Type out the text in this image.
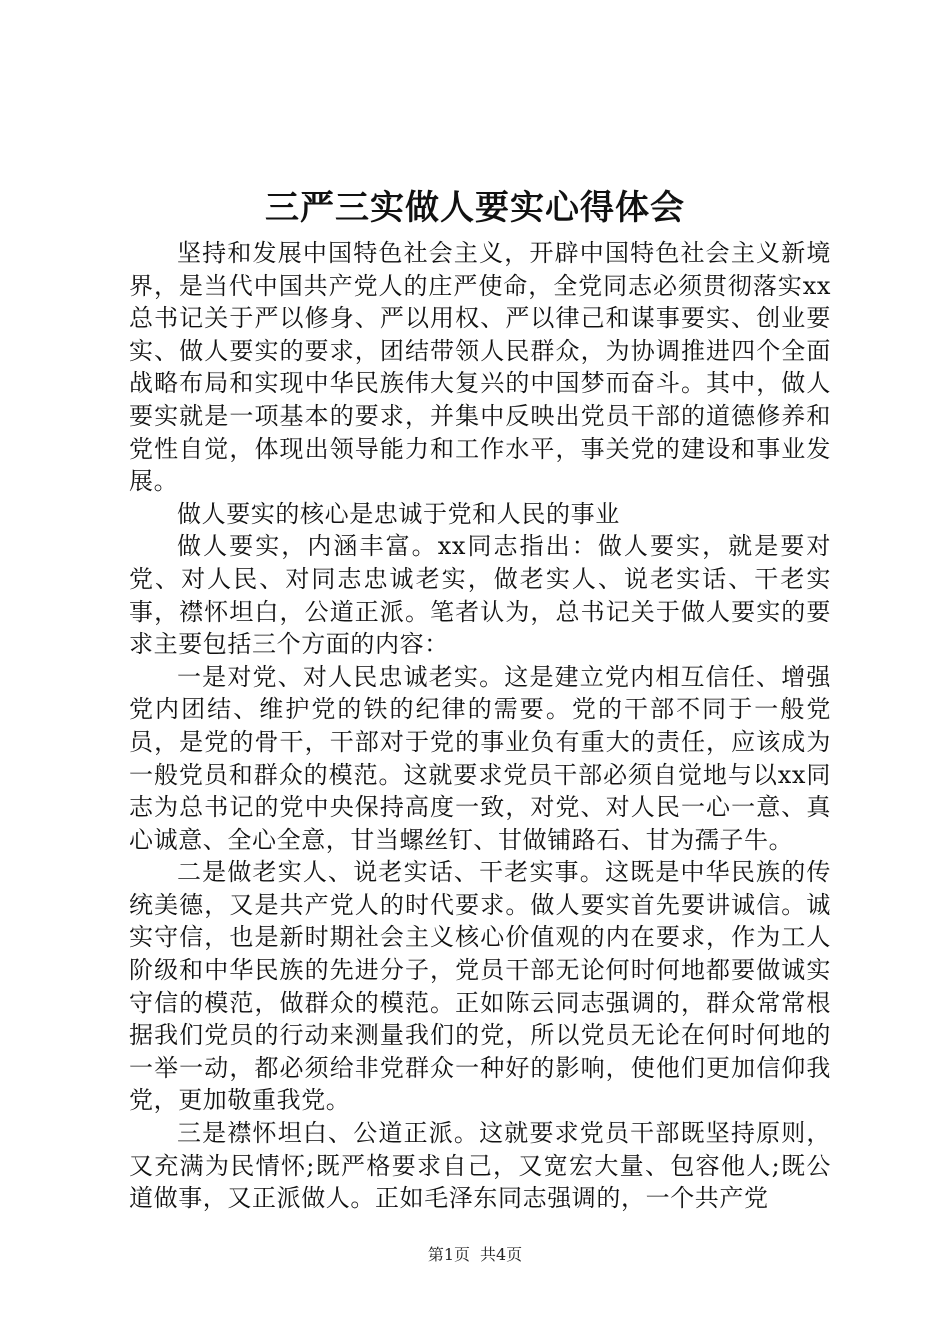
三严三实做人要实心得体会

坚持和发展中国特色社会主义，开辟中国特色社会主义新境界，是当代中国共产党人的庄严使命，全党同志必须贯彻落实xx总书记关于严以修身、严以用权、严以律己和谋事要实、创业要实、做人要实的要求，团结带领人民群众，为协调推进四个全面战略布局和实现中华民族伟大复兴的中国梦而奋斗。其中，做人要实就是一项基本的要求，并集中反映出党员干部的道德修养和党性自觉，体现出领导能力和工作水平，事关党的建设和事业发展。

做人要实的核心是忠诚于党和人民的事业

做人要实，内涵丰富。xx同志指出：做人要实，就是要对党、对人民、对同志忠诚老实，做老实人、说老实话、干老实事，襟怀坦白，公道正派。笔者认为，总书记关于做人要实的要求主要包括三个方面的内容：

一是对党、对人民忠诚老实。这是建立党内相互信任、增强党内团结、维护党的铁的纪律的需要。党的干部不同于一般党员，是党的骨干，干部对于党的事业负有重大的责任，应该成为一般党员和群众的模范。这就要求党员干部必须自觉地与以xx同志为总书记的党中央保持高度一致，对党、对人民一心一意、真心诚意、全心全意，甘当螺丝钉、甘做铺路石、甘为孺子牛。

二是做老实人、说老实话、干老实事。这既是中华民族的传统美德，又是共产党人的时代要求。做人要实首先要讲诚信。诚实守信，也是新时期社会主义核心价值观的内在要求，作为工人阶级和中华民族的先进分子，党员干部无论何时何地都要做诚实守信的模范，做群众的模范。正如陈云同志强调的，群众常常根据我们党员的行动来测量我们的党，所以党员无论在何时何地的一举一动，都必须给非党群众一种好的影响，使他们更加信仰我党，更加敬重我党。

三是襟怀坦白、公道正派。这就要求党员干部既坚持原则，又充满为民情怀;既严格要求自己，又宽宏大量、包容他人;既公道做事，又正派做人。正如毛泽东同志强调的，一个共产党

第1页 共4页
